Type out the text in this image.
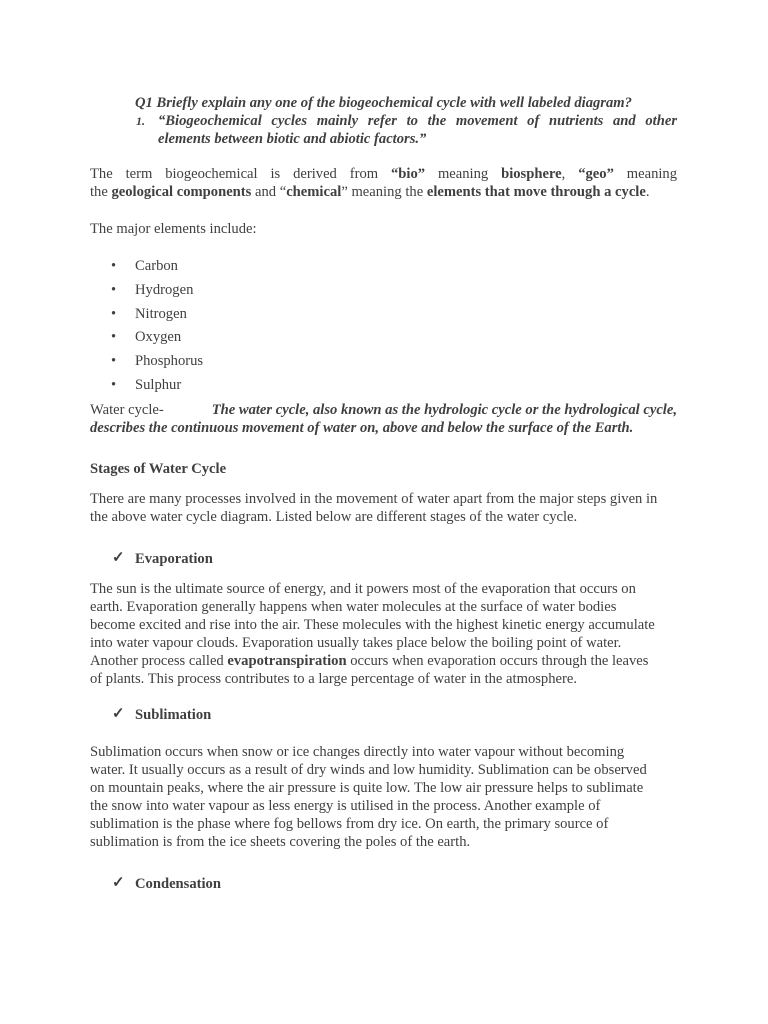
Q1 Briefly explain any one of the biogeochemical cycle with well labeled diagram?
1. “Biogeochemical cycles mainly refer to the movement of nutrients and other
elements between biotic and abiotic factors.”
The term biogeochemical is derived from “bio” meaning biosphere, “geo” meaning
the geological components and “chemical” meaning the elements that move through a cycle.
The major elements include:
• Carbon
• Hydrogen
• Nitrogen
• Oxygen
• Phosphorus
• Sulphur
Water cycle-	The water cycle, also known as the hydrologic cycle or the hydrological cycle,
describes the continuous movement of water on, above and below the surface of the Earth.
Stages of Water Cycle
There are many processes involved in the movement of water apart from the major steps given in
the above water cycle diagram. Listed below are different stages of the water cycle.
✓ Evaporation
The sun is the ultimate source of energy, and it powers most of the evaporation that occurs on
earth. Evaporation generally happens when water molecules at the surface of water bodies
become excited and rise into the air. These molecules with the highest kinetic energy accumulate
into water vapour clouds. Evaporation usually takes place below the boiling point of water.
Another process called evapotranspiration occurs when evaporation occurs through the leaves
of plants. This process contributes to a large percentage of water in the atmosphere.
✓ Sublimation
Sublimation occurs when snow or ice changes directly into water vapour without becoming
water. It usually occurs as a result of dry winds and low humidity. Sublimation can be observed
on mountain peaks, where the air pressure is quite low. The low air pressure helps to sublimate
the snow into water vapour as less energy is utilised in the process. Another example of
sublimation is the phase where fog bellows from dry ice. On earth, the primary source of
sublimation is from the ice sheets covering the poles of the earth.
✓ Condensation
